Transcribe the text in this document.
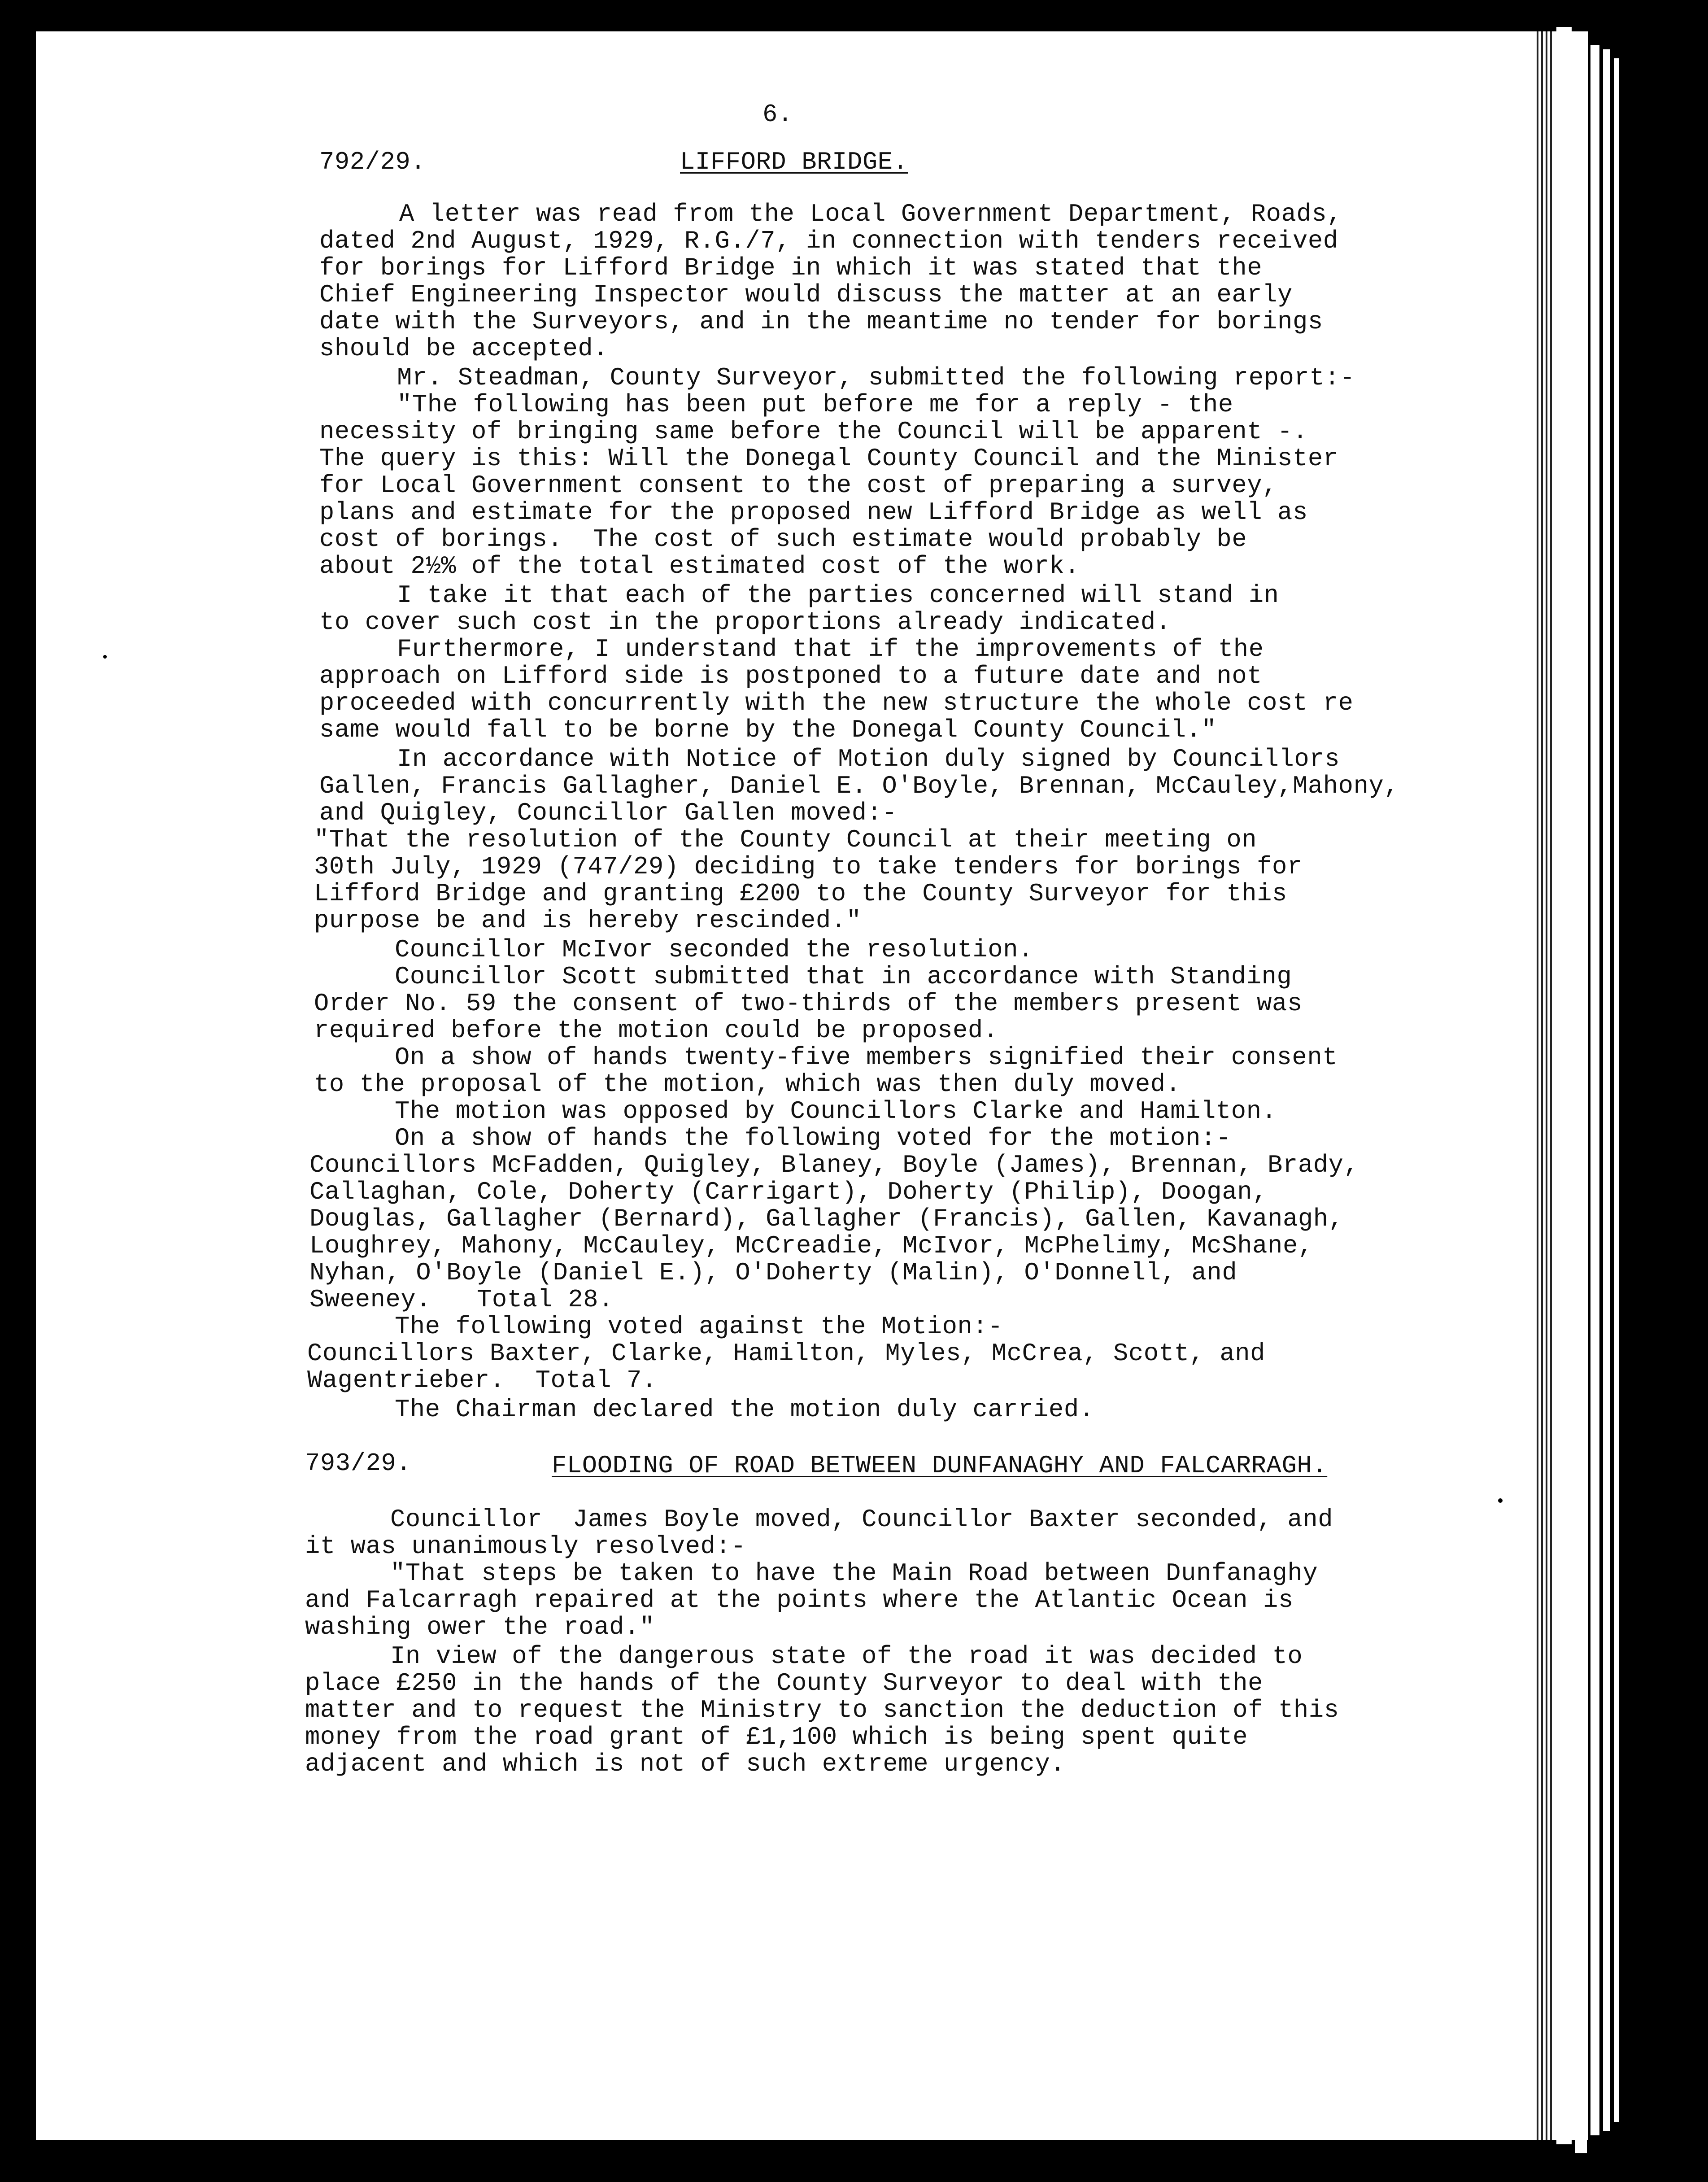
6.
792/29.	LIFFORD BRIDGE.
A letter was read from the Local Government Department, Roads,
dated 2nd August, 1929, R.G./7, in connection with tenders received
for borings for Lifford Bridge in which it was stated that the
Chief Engineering Inspector would discuss the matter at an early
date with the Surveyors, and in the meantime no tender for borings
should be accepted.
Mr. Steadman, County Surveyor, submitted the following report:-
"The following has been put before me for a reply - the
necessity of bringing same before the Council will be apparent -.
The query is this: Will the Donegal County Council and the Minister
for Local Government consent to the cost of preparing a survey,
plans and estimate for the proposed new Lifford Bridge as well as
cost of borings.  The cost of such estimate would probably be
about 2½% of the total estimated cost of the work.
I take it that each of the parties concerned will stand in
to cover such cost in the proportions already indicated.
Furthermore, I understand that if the improvements of the
approach on Lifford side is postponed to a future date and not
proceeded with concurrently with the new structure the whole cost re
same would fall to be borne by the Donegal County Council."
In accordance with Notice of Motion duly signed by Councillors
Gallen, Francis Gallagher, Daniel E. O'Boyle, Brennan, McCauley,Mahony,
and Quigley, Councillor Gallen moved:-
"That the resolution of the County Council at their meeting on
30th July, 1929 (747/29) deciding to take tenders for borings for
Lifford Bridge and granting £200 to the County Surveyor for this
purpose be and is hereby rescinded."
Councillor McIvor seconded the resolution.
Councillor Scott submitted that in accordance with Standing
Order No. 59 the consent of two-thirds of the members present was
required before the motion could be proposed.
On a show of hands twenty-five members signified their consent
to the proposal of the motion, which was then duly moved.
The motion was opposed by Councillors Clarke and Hamilton.
On a show of hands the following voted for the motion:-
Councillors McFadden, Quigley, Blaney, Boyle (James), Brennan, Brady,
Callaghan, Cole, Doherty (Carrigart), Doherty (Philip), Doogan,
Douglas, Gallagher (Bernard), Gallagher (Francis), Gallen, Kavanagh,
Loughrey, Mahony, McCauley, McCreadie, McIvor, McPhelimy, McShane,
Nyhan, O'Boyle (Daniel E.), O'Doherty (Malin), O'Donnell, and
Sweeney.   Total 28.
The following voted against the Motion:-
Councillors Baxter, Clarke, Hamilton, Myles, McCrea, Scott, and
Wagentrieber.  Total 7.
The Chairman declared the motion duly carried.
793/29.	FLOODING OF ROAD BETWEEN DUNFANAGHY AND FALCARRAGH.
Councillor  James Boyle moved, Councillor Baxter seconded, and
it was unanimously resolved:-
"That steps be taken to have the Main Road between Dunfanaghy
and Falcarragh repaired at the points where the Atlantic Ocean is
washing ower the road."
In view of the dangerous state of the road it was decided to
place £250 in the hands of the County Surveyor to deal with the
matter and to request the Ministry to sanction the deduction of this
money from the road grant of £1,100 which is being spent quite
adjacent and which is not of such extreme urgency.
